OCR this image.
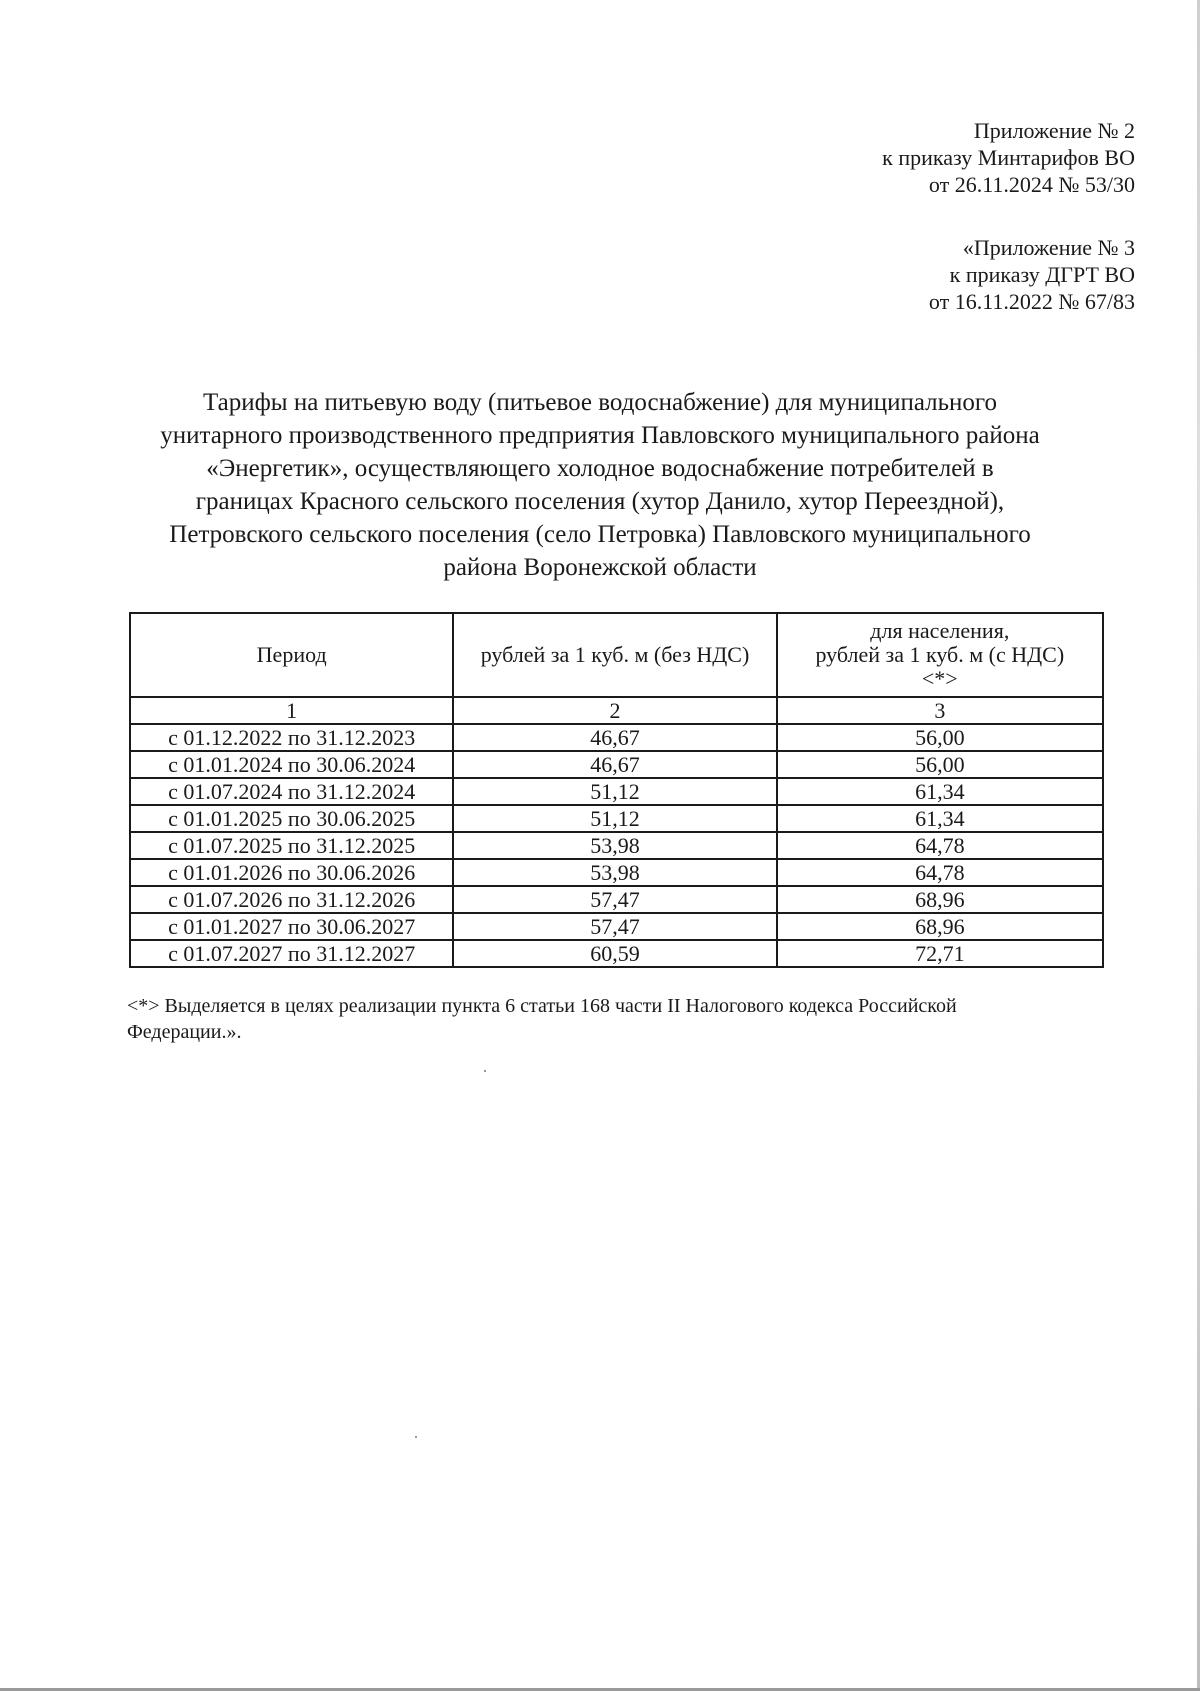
Приложение № 2
к приказу Минтарифов ВО
от 26.11.2024 № 53/30
«Приложение № 3
к приказу ДГРТ ВО
от 16.11.2022 № 67/83
Тарифы на питьевую воду (питьевое водоснабжение) для муниципального
унитарного производственного предприятия Павловского муниципального района
«Энергетик», осуществляющего холодное водоснабжение потребителей в
границах Красного сельского поселения (хутор Данило, хутор Переездной),
Петровского сельского поселения (село Петровка) Павловского муниципального
района Воронежской области
Период	рублей за 1 куб. м (без НДС)	для населения,
рублей за 1 куб. м (с НДС)
<*>

1	2	3
с 01.12.2022 по 31.12.2023	46,67	56,00
с 01.01.2024 по 30.06.2024	46,67	56,00
с 01.07.2024 по 31.12.2024	51,12	61,34
с 01.01.2025 по 30.06.2025	51,12	61,34
с 01.07.2025 по 31.12.2025	53,98	64,78
с 01.01.2026 по 30.06.2026	53,98	64,78
с 01.07.2026 по 31.12.2026	57,47	68,96
с 01.01.2027 по 30.06.2027	57,47	68,96
с 01.07.2027 по 31.12.2027	60,59	72,71
<*> Выделяется в целях реализации пункта 6 статьи 168 части II Налогового кодекса Российской
Федерации.».
